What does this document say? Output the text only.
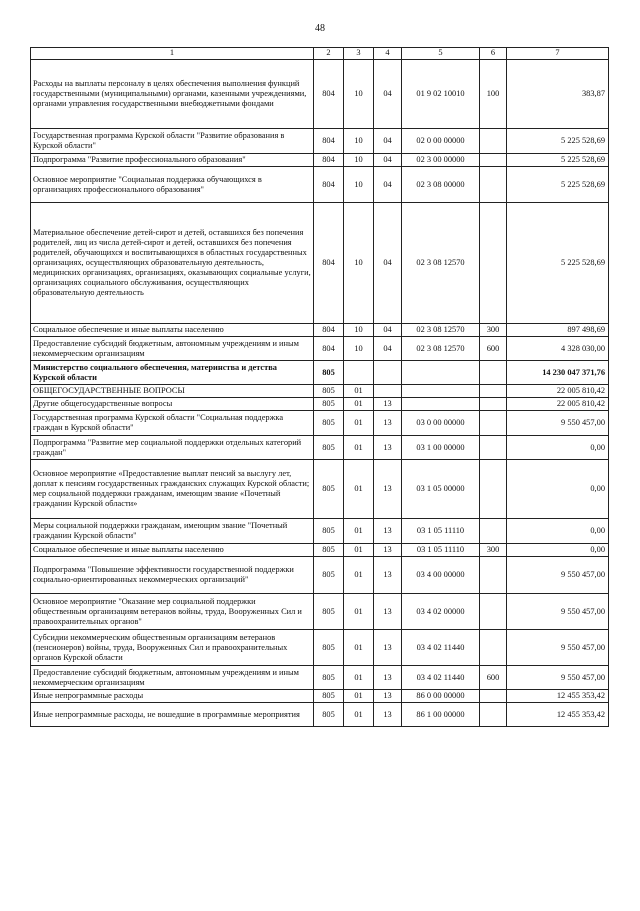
48
1	2	3	4	5	6	7
Расходы на выплаты персоналу в целях обеспечения выполнения функций государственными (муниципальными) органами, казенными учреждениями, органами управления государственными внебюджетными фондами	804	10	04	01 9 02 10010	100	383,87
Государственная программа Курской области "Развитие образования в Курской области"	804	10	04	02 0 00 00000		5 225 528,69
Подпрограмма "Развитие профессионального образования"	804	10	04	02 3 00 00000		5 225 528,69
Основное мероприятие "Социальная поддержка обучающихся в организациях профессионального образования"	804	10	04	02 3 08 00000		5 225 528,69
Материальное обеспечение детей-сирот и детей, оставшихся без попечения родителей, лиц из числа детей-сирот и детей, оставшихся без попечения родителей, обучающихся и воспитывающихся в областных государственных организациях, осуществляющих образовательную деятельность, медицинских организациях, организациях, оказывающих социальные услуги, организациях социального обслуживания, осуществляющих образовательную деятельность	804	10	04	02 3 08 12570		5 225 528,69
Социальное обеспечение и иные выплаты населению	804	10	04	02 3 08 12570	300	897 498,69
Предоставление субсидий бюджетным, автономным учреждениям и иным некоммерческим организациям	804	10	04	02 3 08 12570	600	4 328 030,00
Министерство социального обеспечения, материнства и детства Курской области	805					14 230 047 371,76
ОБЩЕГОСУДАРСТВЕННЫЕ ВОПРОСЫ	805	01				22 005 810,42
Другие общегосударственные вопросы	805	01	13			22 005 810,42
Государственная программа Курской области "Социальная поддержка граждан в Курской области"	805	01	13	03 0 00 00000		9 550 457,00
Подпрограмма "Развитие мер социальной поддержки отдельных категорий граждан"	805	01	13	03 1 00 00000		0,00
Основное мероприятие «Предоставление выплат пенсий за выслугу лет, доплат к пенсиям государственных гражданских служащих Курской области; мер социальной поддержки гражданам, имеющим звание «Почетный гражданин Курской области»	805	01	13	03 1 05 00000		0,00
Меры социальной поддержки гражданам, имеющим звание "Почетный гражданин Курской области"	805	01	13	03 1 05 11110		0,00
Социальное обеспечение и иные выплаты населению	805	01	13	03 1 05 11110	300	0,00
Подпрограмма "Повышение эффективности государственной поддержки социально-ориентированных некоммерческих организаций"	805	01	13	03 4 00 00000		9 550 457,00
Основное мероприятие "Оказание мер социальной поддержки общественным организациям ветеранов войны, труда, Вооруженных Сил и правоохранительных органов"	805	01	13	03 4 02 00000		9 550 457,00
Субсидии некоммерческим общественным организациям ветеранов (пенсионеров) войны, труда, Вооруженных Сил и правоохранительных органов Курской области	805	01	13	03 4 02 11440		9 550 457,00
Предоставление субсидий бюджетным, автономным учреждениям и иным некоммерческим организациям	805	01	13	03 4 02 11440	600	9 550 457,00
Иные непрограммные расходы	805	01	13	86 0 00 00000		12 455 353,42
Иные непрограммные расходы, не вошедшие в программные мероприятия	805	01	13	86 1 00 00000		12 455 353,42
